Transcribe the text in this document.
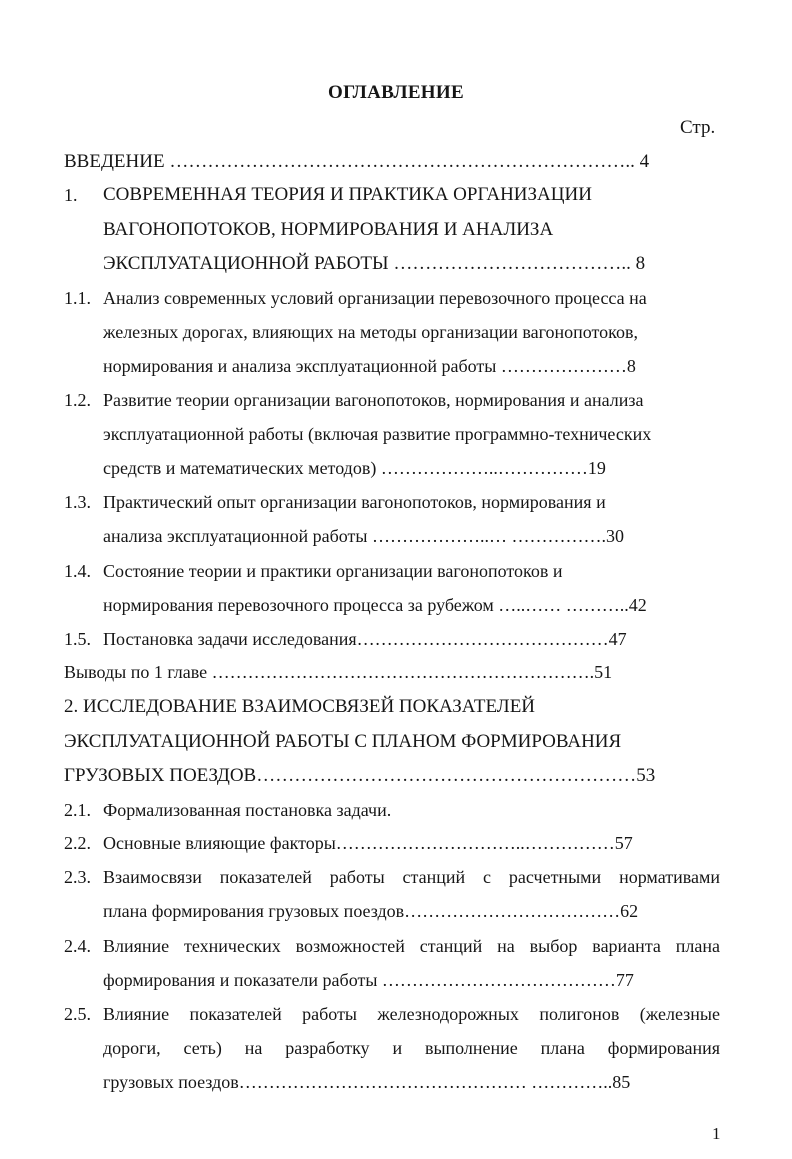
ОГЛАВЛЕНИЕ
Стр.
ВВЕДЕНИЕ ……………………………………………………………….. 4
1. СОВРЕМЕННАЯ ТЕОРИЯ И ПРАКТИКА ОРГАНИЗАЦИИ
ВАГОНОПОТОКОВ, НОРМИРОВАНИЯ И АНАЛИЗА
ЭКСПЛУАТАЦИОННОЙ РАБОТЫ ……………………………….. 8
1.1. Анализ современных условий организации перевозочного процесса на
железных дорогах, влияющих на методы организации вагонопотоков,
нормирования и анализа эксплуатационной работы …………………8
1.2. Развитие теории организации вагонопотоков, нормирования и анализа
эксплуатационной работы (включая развитие программно-технических
средств и математических методов) ………………..……………19
1.3. Практический опыт организации вагонопотоков, нормирования и
анализа эксплуатационной работы ………………..… …………….30
1.4. Состояние теории и практики организации вагонопотоков и
нормирования перевозочного процесса за рубежом …..…… ………..42
1.5. Постановка задачи исследования……………………………………47
Выводы по 1 главе ……………………………………………………….51
2. ИССЛЕДОВАНИЕ ВЗАИМОСВЯЗЕЙ ПОКАЗАТЕЛЕЙ
ЭКСПЛУАТАЦИОННОЙ РАБОТЫ С ПЛАНОМ ФОРМИРОВАНИЯ
ГРУЗОВЫХ ПОЕЗДОВ……………………………………………………53
2.1. Формализованная постановка задачи.
2.2. Основные влияющие факторы…………………………..……………57
2.3. Взаимосвязи показателей работы станций с расчетными нормативами
плана формирования грузовых поездов………………………………62
2.4. Влияние технических возможностей станций на выбор варианта плана
формирования и показатели работы …………………………………77
2.5. Влияние показателей работы железнодорожных полигонов (железные
дороги, сеть) на разработку и выполнение плана формирования
грузовых поездов………………………………………… …………..85
1
